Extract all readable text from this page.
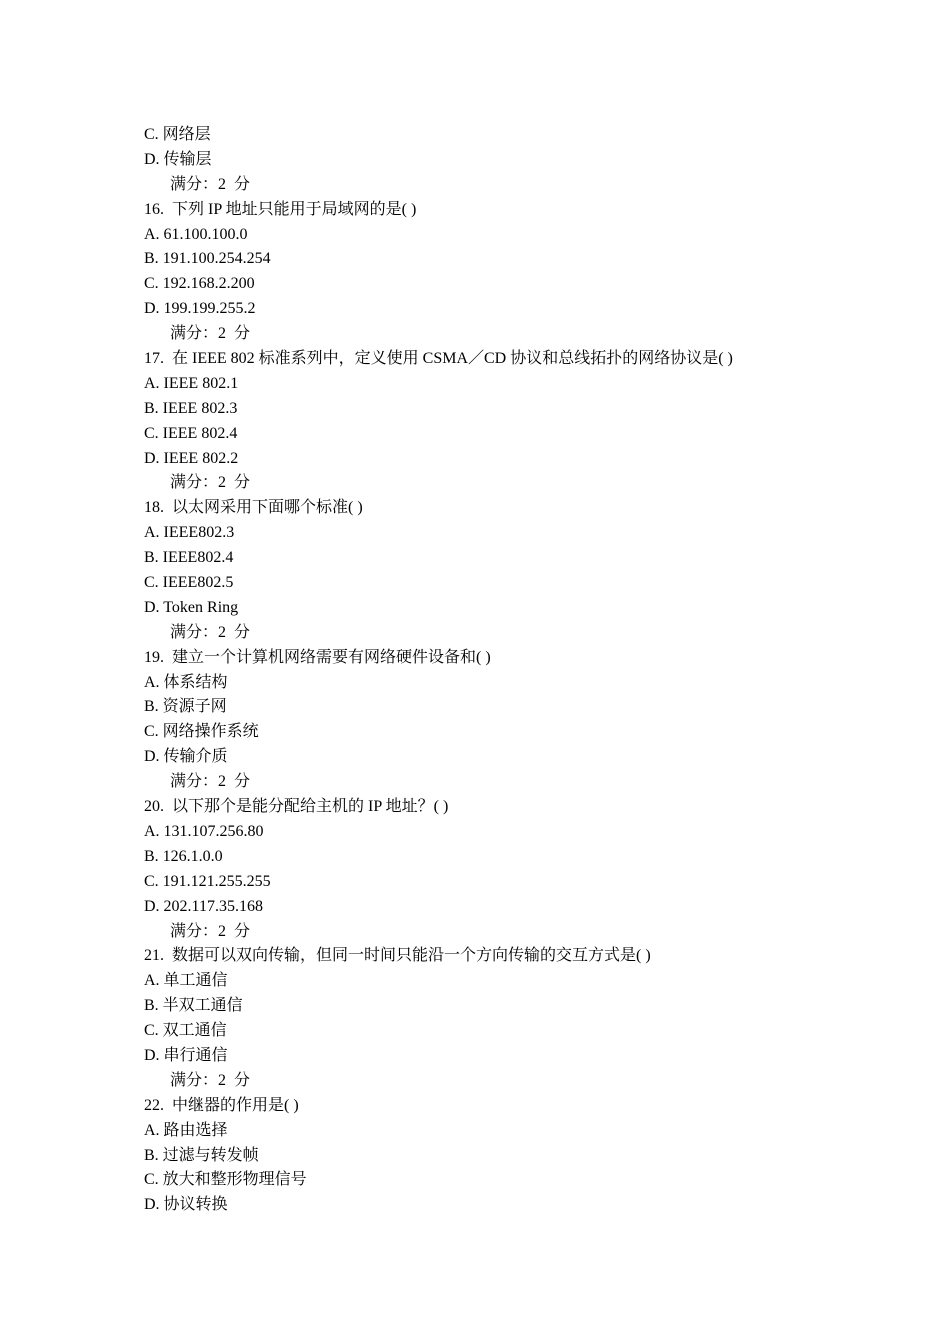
C. 网络层
D. 传输层
满分：2  分
16.  下列 IP 地址只能用于局域网的是( )
A. 61.100.100.0
B. 191.100.254.254
C. 192.168.2.200
D. 199.199.255.2
满分：2  分
17.  在 IEEE 802 标准系列中，定义使用 CSMA／CD 协议和总线拓扑的网络协议是( )
A. IEEE 802.1
B. IEEE 802.3
C. IEEE 802.4
D. IEEE 802.2
满分：2  分
18.  以太网采用下面哪个标准( )
A. IEEE802.3
B. IEEE802.4
C. IEEE802.5
D. Token Ring
满分：2  分
19.  建立一个计算机网络需要有网络硬件设备和( )
A. 体系结构
B. 资源子网
C. 网络操作系统
D. 传输介质
满分：2  分
20.  以下那个是能分配给主机的 IP 地址？( )
A. 131.107.256.80
B. 126.1.0.0
C. 191.121.255.255
D. 202.117.35.168
满分：2  分
21.  数据可以双向传输，但同一时间只能沿一个方向传输的交互方式是( )
A. 单工通信
B. 半双工通信
C. 双工通信
D. 串行通信
满分：2  分
22.  中继器的作用是( )
A. 路由选择
B. 过滤与转发帧
C. 放大和整形物理信号
D. 协议转换
